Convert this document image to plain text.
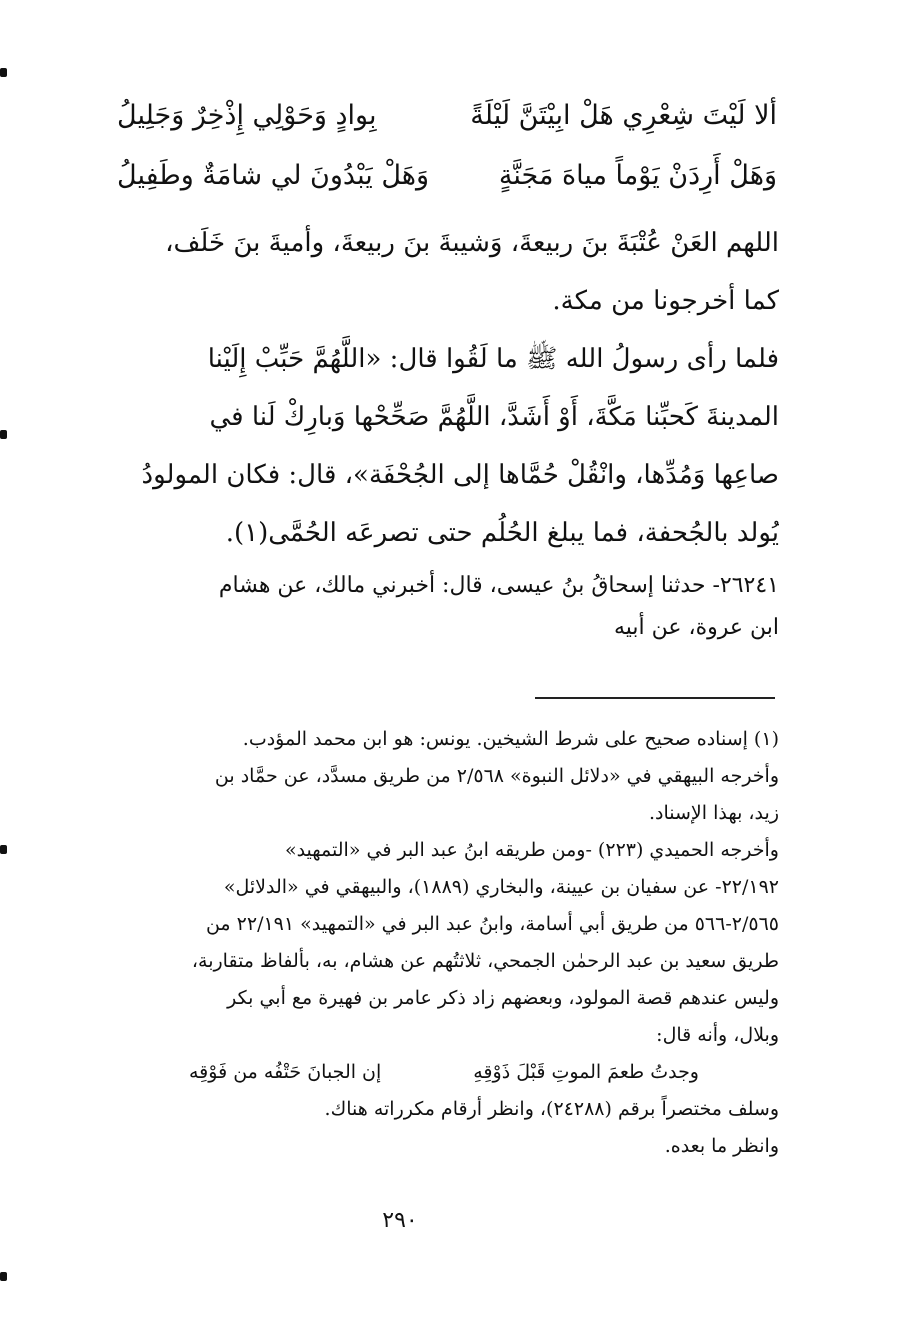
ألا لَيْتَ شِعْرِي هَلْ ابِيْتَنَّ لَيْلَةً
بِوادٍ وَحَوْلِي إِذْخِرٌ وَجَلِيلُ
وَهَلْ أَرِدَنْ يَوْماً مياهَ مَجَنَّةٍ
وَهَلْ يَبْدُونَ لي شامَةٌ وطَفِيلُ
اللهم العَنْ عُتْبَةَ بنَ ربيعةَ، وَشيبةَ بنَ ربيعةَ، وأميةَ بنَ خَلَف،
كما أخرجونا من مكة.
فلما رأى رسولُ الله ﷺ ما لَقُوا قال: «اللَّهُمَّ حَبِّبْ إِلَيْنا
المدينةَ كَحبِّنا مَكَّةَ، أَوْ أَشَدَّ، اللَّهُمَّ صَحِّحْها وَبارِكْ لَنا في
صاعِها وَمُدِّها، وانْقُلْ حُمَّاها إلى الجُحْفَة»، قال: فكان المولودُ
يُولد بالجُحفة، فما يبلغ الحُلُم حتى تصرعَه الحُمَّى(١).
٢٦٢٤١- حدثنا إسحاقُ بنُ عيسى، قال: أخبرني مالك، عن هشام
ابن عروة، عن أبيه
(١) إسناده صحيح على شرط الشيخين. يونس: هو ابن محمد المؤدب.
وأخرجه البيهقي في «دلائل النبوة» ٢/٥٦٨ من طريق مسدَّد، عن حمَّاد بن
زيد، بهذا الإسناد.
وأخرجه الحميدي (٢٢٣) -ومن طريقه ابنُ عبد البر في «التمهيد»
٢٢/١٩٢- عن سفيان بن عيينة، والبخاري (١٨٨٩)، والبيهقي في «الدلائل»
٢/٥٦٥-٥٦٦ من طريق أبي أسامة، وابنُ عبد البر في «التمهيد» ٢٢/١٩١ من
طريق سعيد بن عبد الرحمٰن الجمحي، ثلاثتُهم عن هشام، به، بألفاظ متقاربة،
وليس عندهم قصة المولود، وبعضهم زاد ذكر عامر بن فهيرة مع أبي بكر
وبلال، وأنه قال:
وجدتُ طعمَ الموتِ قَبْلَ ذَوْقِهِ
إن الجبانَ حَتْفُه من فَوْقِه
وسلف مختصراً برقم (٢٤٢٨٨)، وانظر أرقام مكرراته هناك.
وانظر ما بعده.
٢٩٠
